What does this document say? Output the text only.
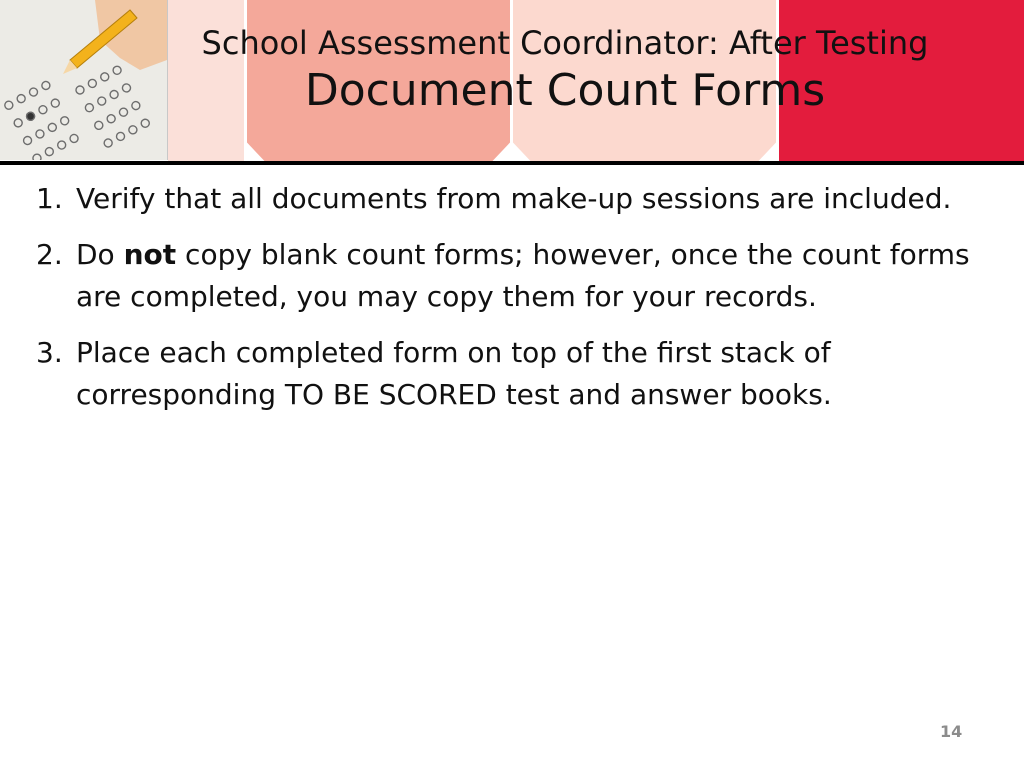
School Assessment Coordinator: After Testing
Document Count Forms
1. Verify that all documents from make-up sessions are included.
2. Do not copy blank count forms; however, once the count forms are completed, you may copy them for your records.
3. Place each completed form on top of the first stack of corresponding TO BE SCORED test and answer books.
14
